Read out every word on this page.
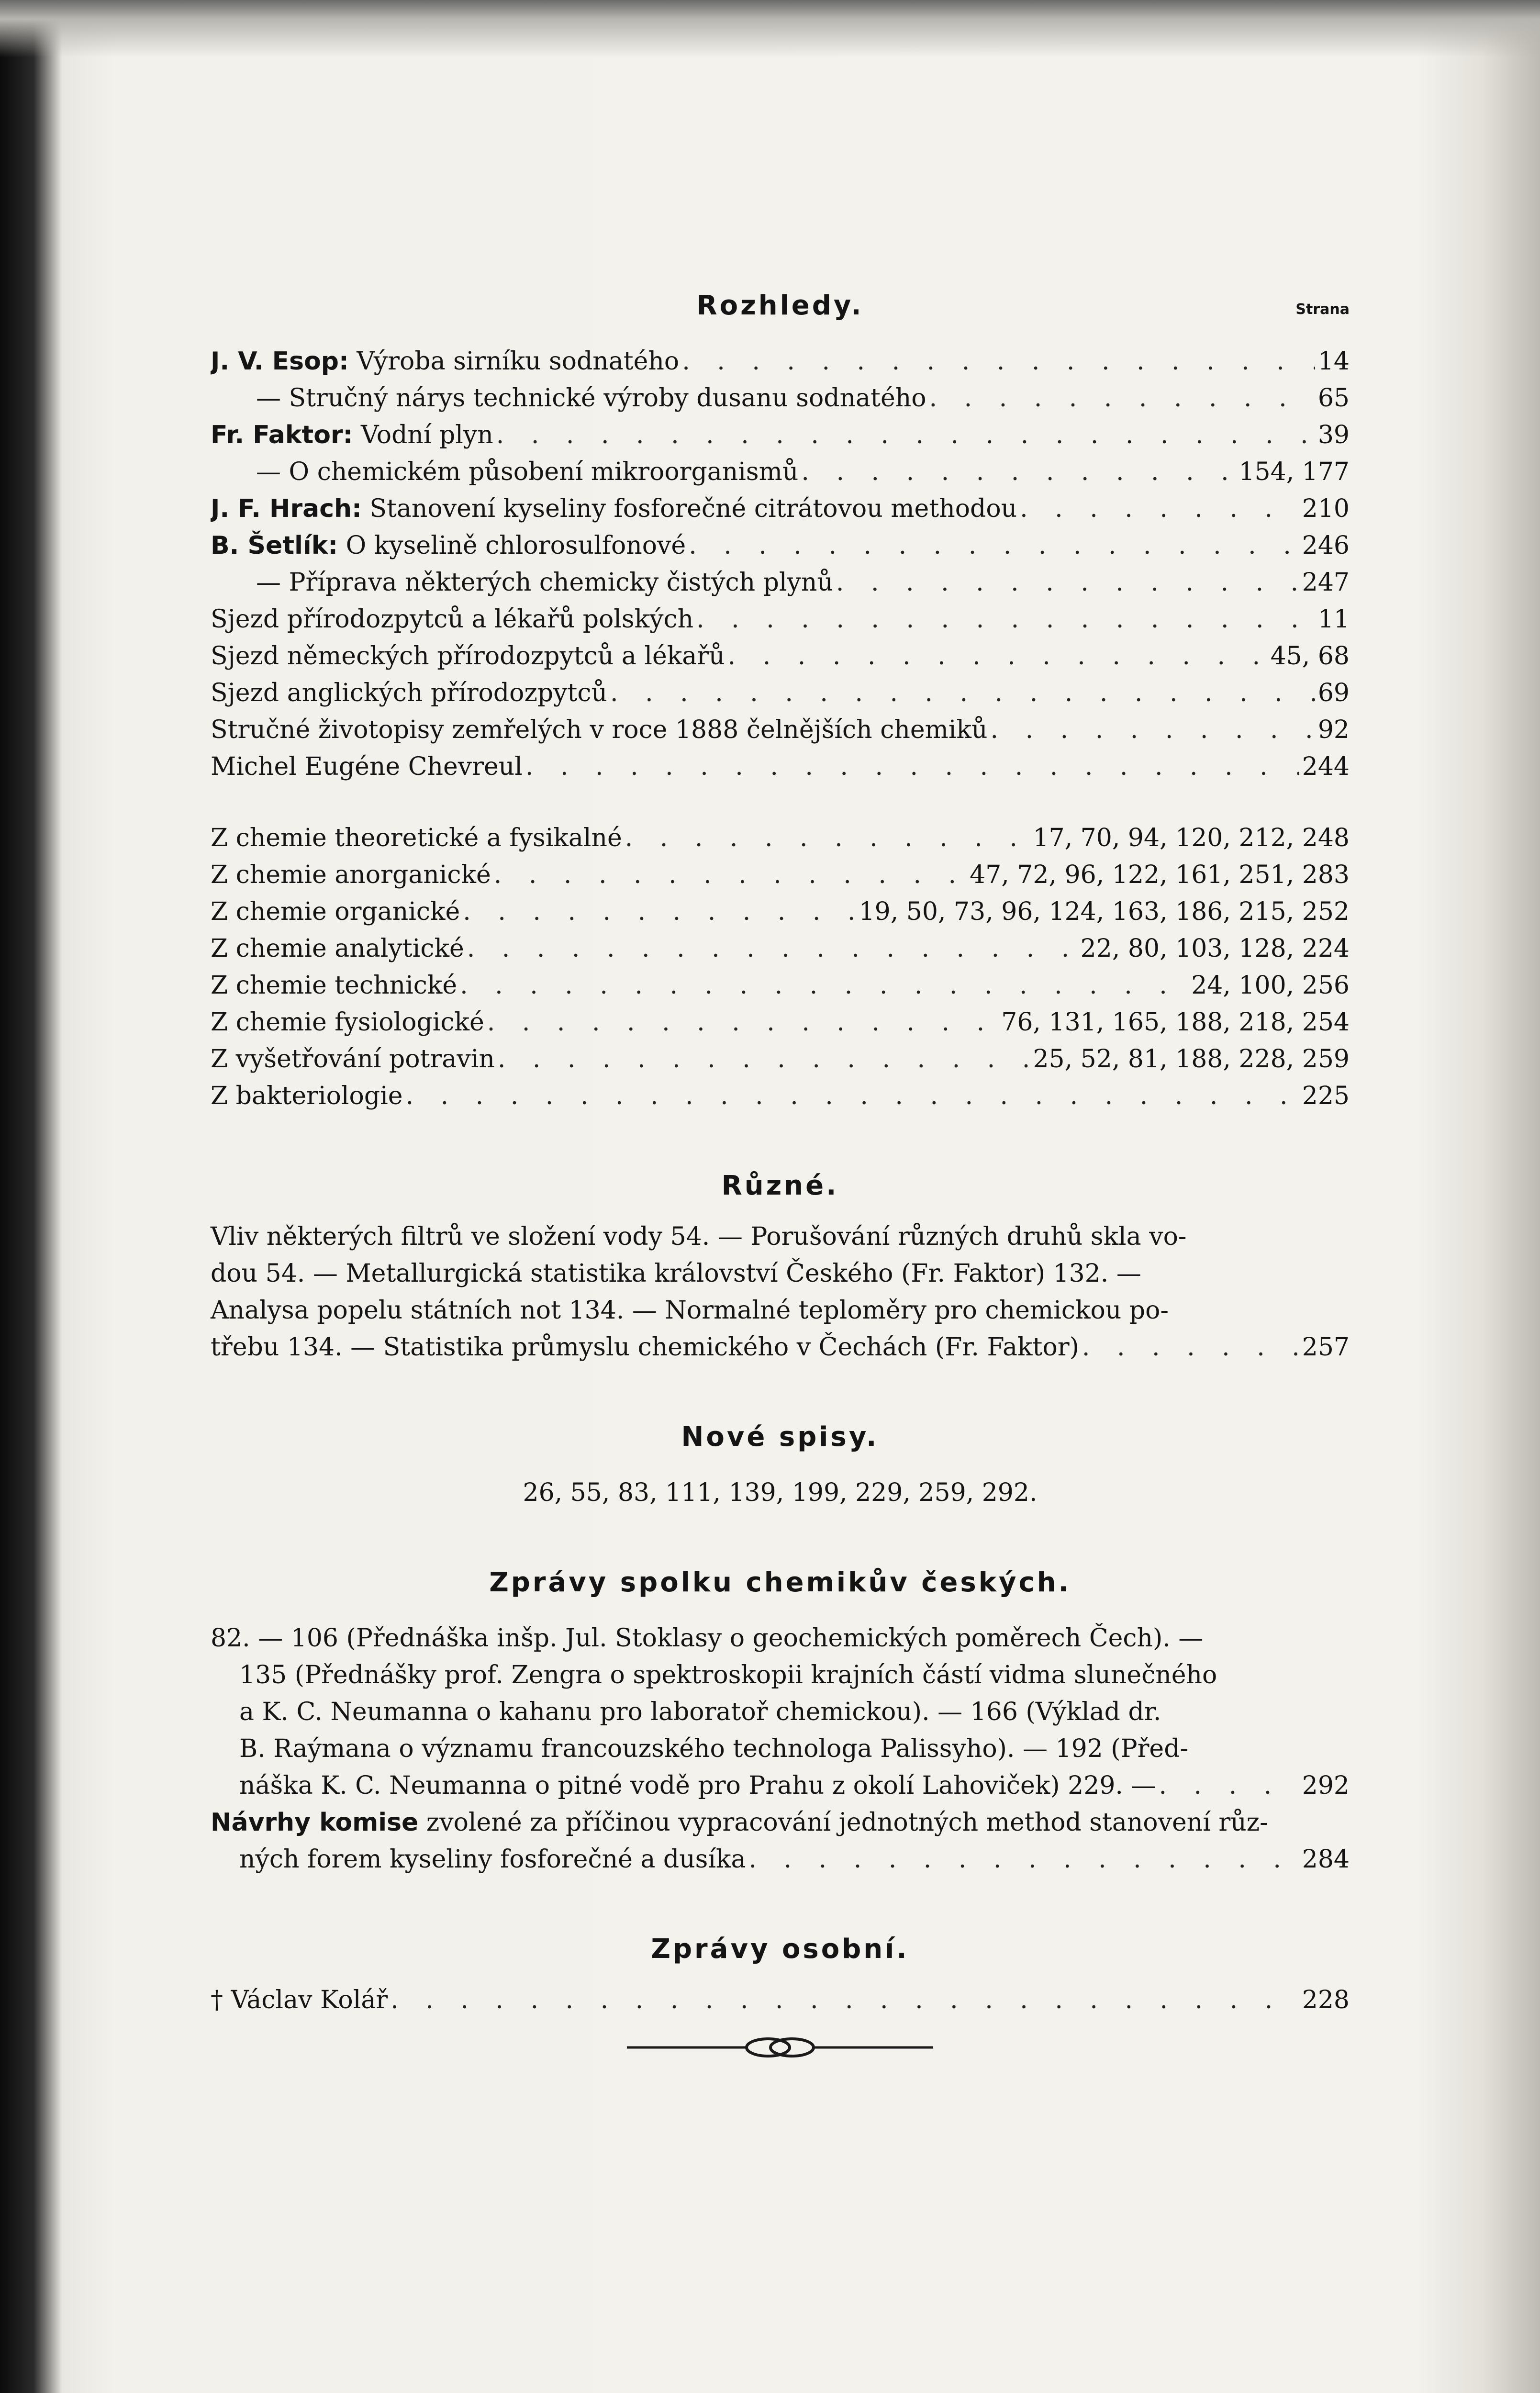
Rozhledy.	Strana
J. V. Esop: Výroba sirníku sodnatého . . .	14
— Stručný nárys technické výroby dusanu sodnatého . . .	65
Fr. Faktor: Vodní plyn . . .	39
— O chemickém působení mikroorganismů . . .	154, 177
J. F. Hrach: Stanovení kyseliny fosforečné citrátovou methodou . . .	210
B. Šetlík: O kyselině chlorosulfonové . . .	246
— Příprava některých chemicky čistých plynů . . .	247
Sjezd přírodozpytců a lékařů polských . . .	11
Sjezd německých přírodozpytců a lékařů . . .	45, 68
Sjezd anglických přírodozpytců . . .	69
Stručné životopisy zemřelých v roce 1888 čelnějších chemiků . . .	92
Michel Eugéne Chevreul . . .	244
Z chemie theoretické a fysikalné . . .	17, 70, 94, 120, 212, 248
Z chemie anorganické . . .	47, 72, 96, 122, 161, 251, 283
Z chemie organické . . .	19, 50, 73, 96, 124, 163, 186, 215, 252
Z chemie analytické . . .	22, 80, 103, 128, 224
Z chemie technické . . .	24, 100, 256
Z chemie fysiologické . . .	76, 131, 165, 188, 218, 254
Z vyšetřování potravin . . .	25, 52, 81, 188, 228, 259
Z bakteriologie . . .	225
Různé.
Vliv některých filtrů ve složení vody 54. — Porušování různých druhů skla vo-
dou 54. — Metallurgická statistika království Českého (Fr. Faktor) 132. —
Analysa popelu státních not 134. — Normalné teploměry pro chemickou po-
třebu 134. — Statistika průmyslu chemického v Čechách (Fr. Faktor) . . .	257
Nové spisy.
26, 55, 83, 111, 139, 199, 229, 259, 292.
Zprávy spolku chemikův českých.
82. — 106 (Přednáška inšp. Jul. Stoklasy o geochemických poměrech Čech). —
135 (Přednášky prof. Zengra o spektroskopii krajních částí vidma slunečného
a K. C. Neumanna o kahanu pro laboratoř chemickou). — 166 (Výklad dr.
B. Raýmana o významu francouzského technologa Palissyho). — 192 (Před-
náška K. C. Neumanna o pitné vodě pro Prahu z okolí Lahoviček) 229. — . . .	292
Návrhy komise zvolené za příčinou vypracování jednotných method stanovení růz-
ných forem kyseliny fosforečné a dusíka . . .	284
Zprávy osobní.
† Václav Kolář . . .	228
